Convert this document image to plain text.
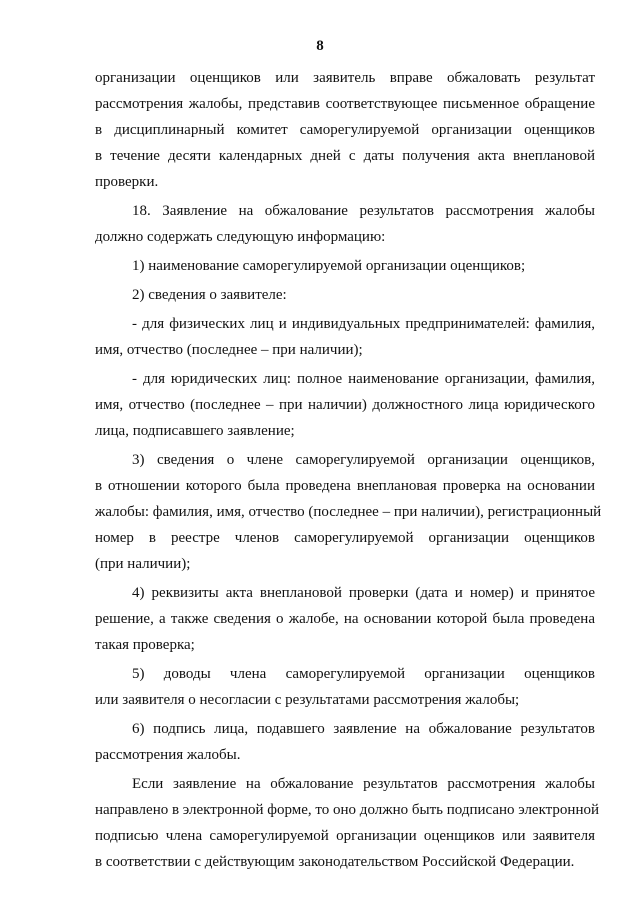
8
организации оценщиков или заявитель вправе обжаловать результат
рассмотрения жалобы, представив соответствующее письменное обращение
в дисциплинарный комитет саморегулируемой организации оценщиков
в течение десяти календарных дней с даты получения акта внеплановой
проверки.
18. Заявление на обжалование результатов рассмотрения жалобы
должно содержать следующую информацию:
1) наименование саморегулируемой организации оценщиков;
2) сведения о заявителе:
- для физических лиц и индивидуальных предпринимателей: фамилия,
имя, отчество (последнее – при наличии);
- для юридических лиц: полное наименование организации, фамилия,
имя, отчество (последнее – при наличии) должностного лица юридического
лица, подписавшего заявление;
3) сведения о члене саморегулируемой организации оценщиков,
в отношении которого была проведена внеплановая проверка на основании
жалобы: фамилия, имя, отчество (последнее – при наличии), регистрационный
номер в реестре членов саморегулируемой организации оценщиков
(при наличии);
4) реквизиты акта внеплановой проверки (дата и номер) и принятое
решение, а также сведения о жалобе, на основании которой была проведена
такая проверка;
5) доводы члена саморегулируемой организации оценщиков
или заявителя о несогласии с результатами рассмотрения жалобы;
6) подпись лица, подавшего заявление на обжалование результатов
рассмотрения жалобы.
Если заявление на обжалование результатов рассмотрения жалобы
направлено в электронной форме, то оно должно быть подписано электронной
подписью члена саморегулируемой организации оценщиков или заявителя
в соответствии с действующим законодательством Российской Федерации.
